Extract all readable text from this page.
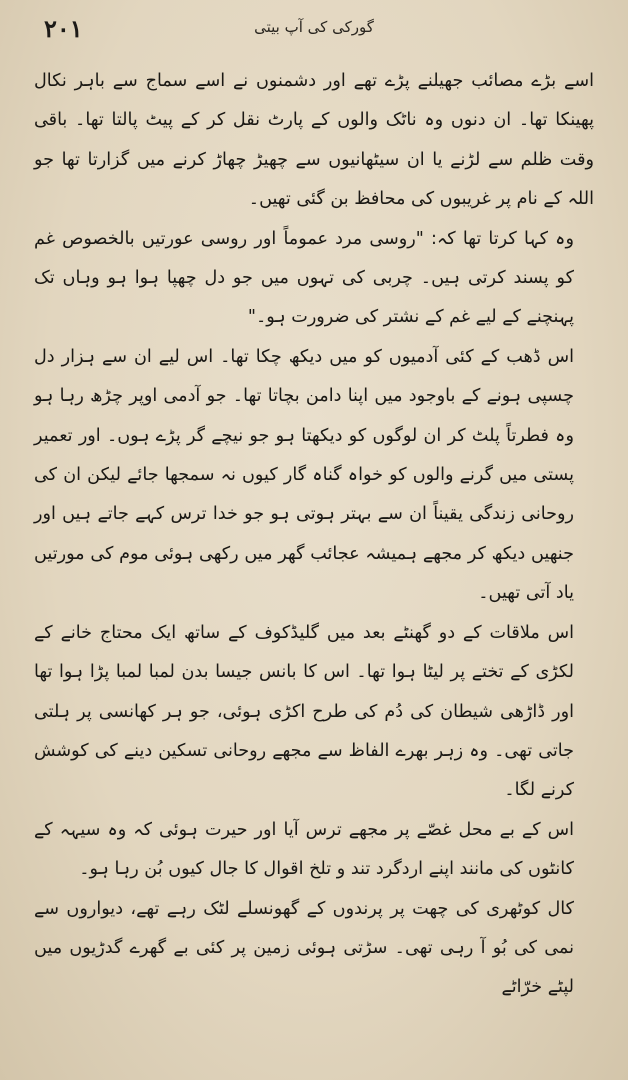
٢٠١	گورکی کی آپ بیتی

اسے بڑے مصائب جھیلنے پڑے تھے اور دشمنوں نے اسے سماج سے باہر نکال پھینکا تھا۔ ان دنوں وہ ناٹک والوں کے پارٹ نقل کر کے پیٹ پالتا تھا۔ باقی وقت ظلم سے لڑنے یا ان سیٹھانیوں سے چھیڑ چھاڑ کرنے میں گزارتا تھا جو اللہ کے نام پر غریبوں کی محافظ بن گئی تھیں۔

وہ کہا کرتا تھا کہ: "روسی مرد عموماً اور روسی عورتیں بالخصوص غم کو پسند کرتی ہیں۔ چربی کی تہوں میں جو دل چھپا ہوا ہو وہاں تک پہنچنے کے لیے غم کے نشتر کی ضرورت ہو۔"

اس ڈھب کے کئی آدمیوں کو میں دیکھ چکا تھا۔ اس لیے ان سے ہزار دل چسپی ہونے کے باوجود میں اپنا دامن بچاتا تھا۔ جو آدمی اوپر چڑھ رہا ہو وہ فطرتاً پلٹ کر ان لوگوں کو دیکھتا ہو جو نیچے گر پڑے ہوں۔ اور تعمیر پستی میں گرنے والوں کو خواہ گناہ گار کیوں نہ سمجھا جائے لیکن ان کی روحانی زندگی یقیناً ان سے بہتر ہوتی ہو جو خدا ترس کہے جاتے ہیں اور جنھیں دیکھ کر مجھے ہمیشہ عجائب گھر میں رکھی ہوئی موم کی مورتیں یاد آتی تھیں۔

اس ملاقات کے دو گھنٹے بعد میں گلیڈکوف کے ساتھ ایک محتاج خانے کے لکڑی کے تختے پر لیٹا ہوا تھا۔ اس کا بانس جیسا بدن لمبا لمبا پڑا ہوا تھا اور ڈاڑھی شیطان کی دُم کی طرح اکڑی ہوئی، جو ہر کھانسی پر ہلتی جاتی تھی۔ وہ زہر بھرے الفاظ سے مجھے روحانی تسکین دینے کی کوشش کرنے لگا۔

اس کے بے محل غصّے پر مجھے ترس آیا اور حیرت ہوئی کہ وہ سیہہ کے کانٹوں کی مانند اپنے اردگرد تند و تلخ اقوال کا جال کیوں بُن رہا ہو۔

کال کوٹھری کی چھت پر پرندوں کے گھونسلے لٹک رہے تھے، دیواروں سے نمی کی بُو آ رہی تھی۔ سڑتی ہوئی زمین پر کئی بے گھرے گدڑیوں میں لپٹے خرّاٹے
